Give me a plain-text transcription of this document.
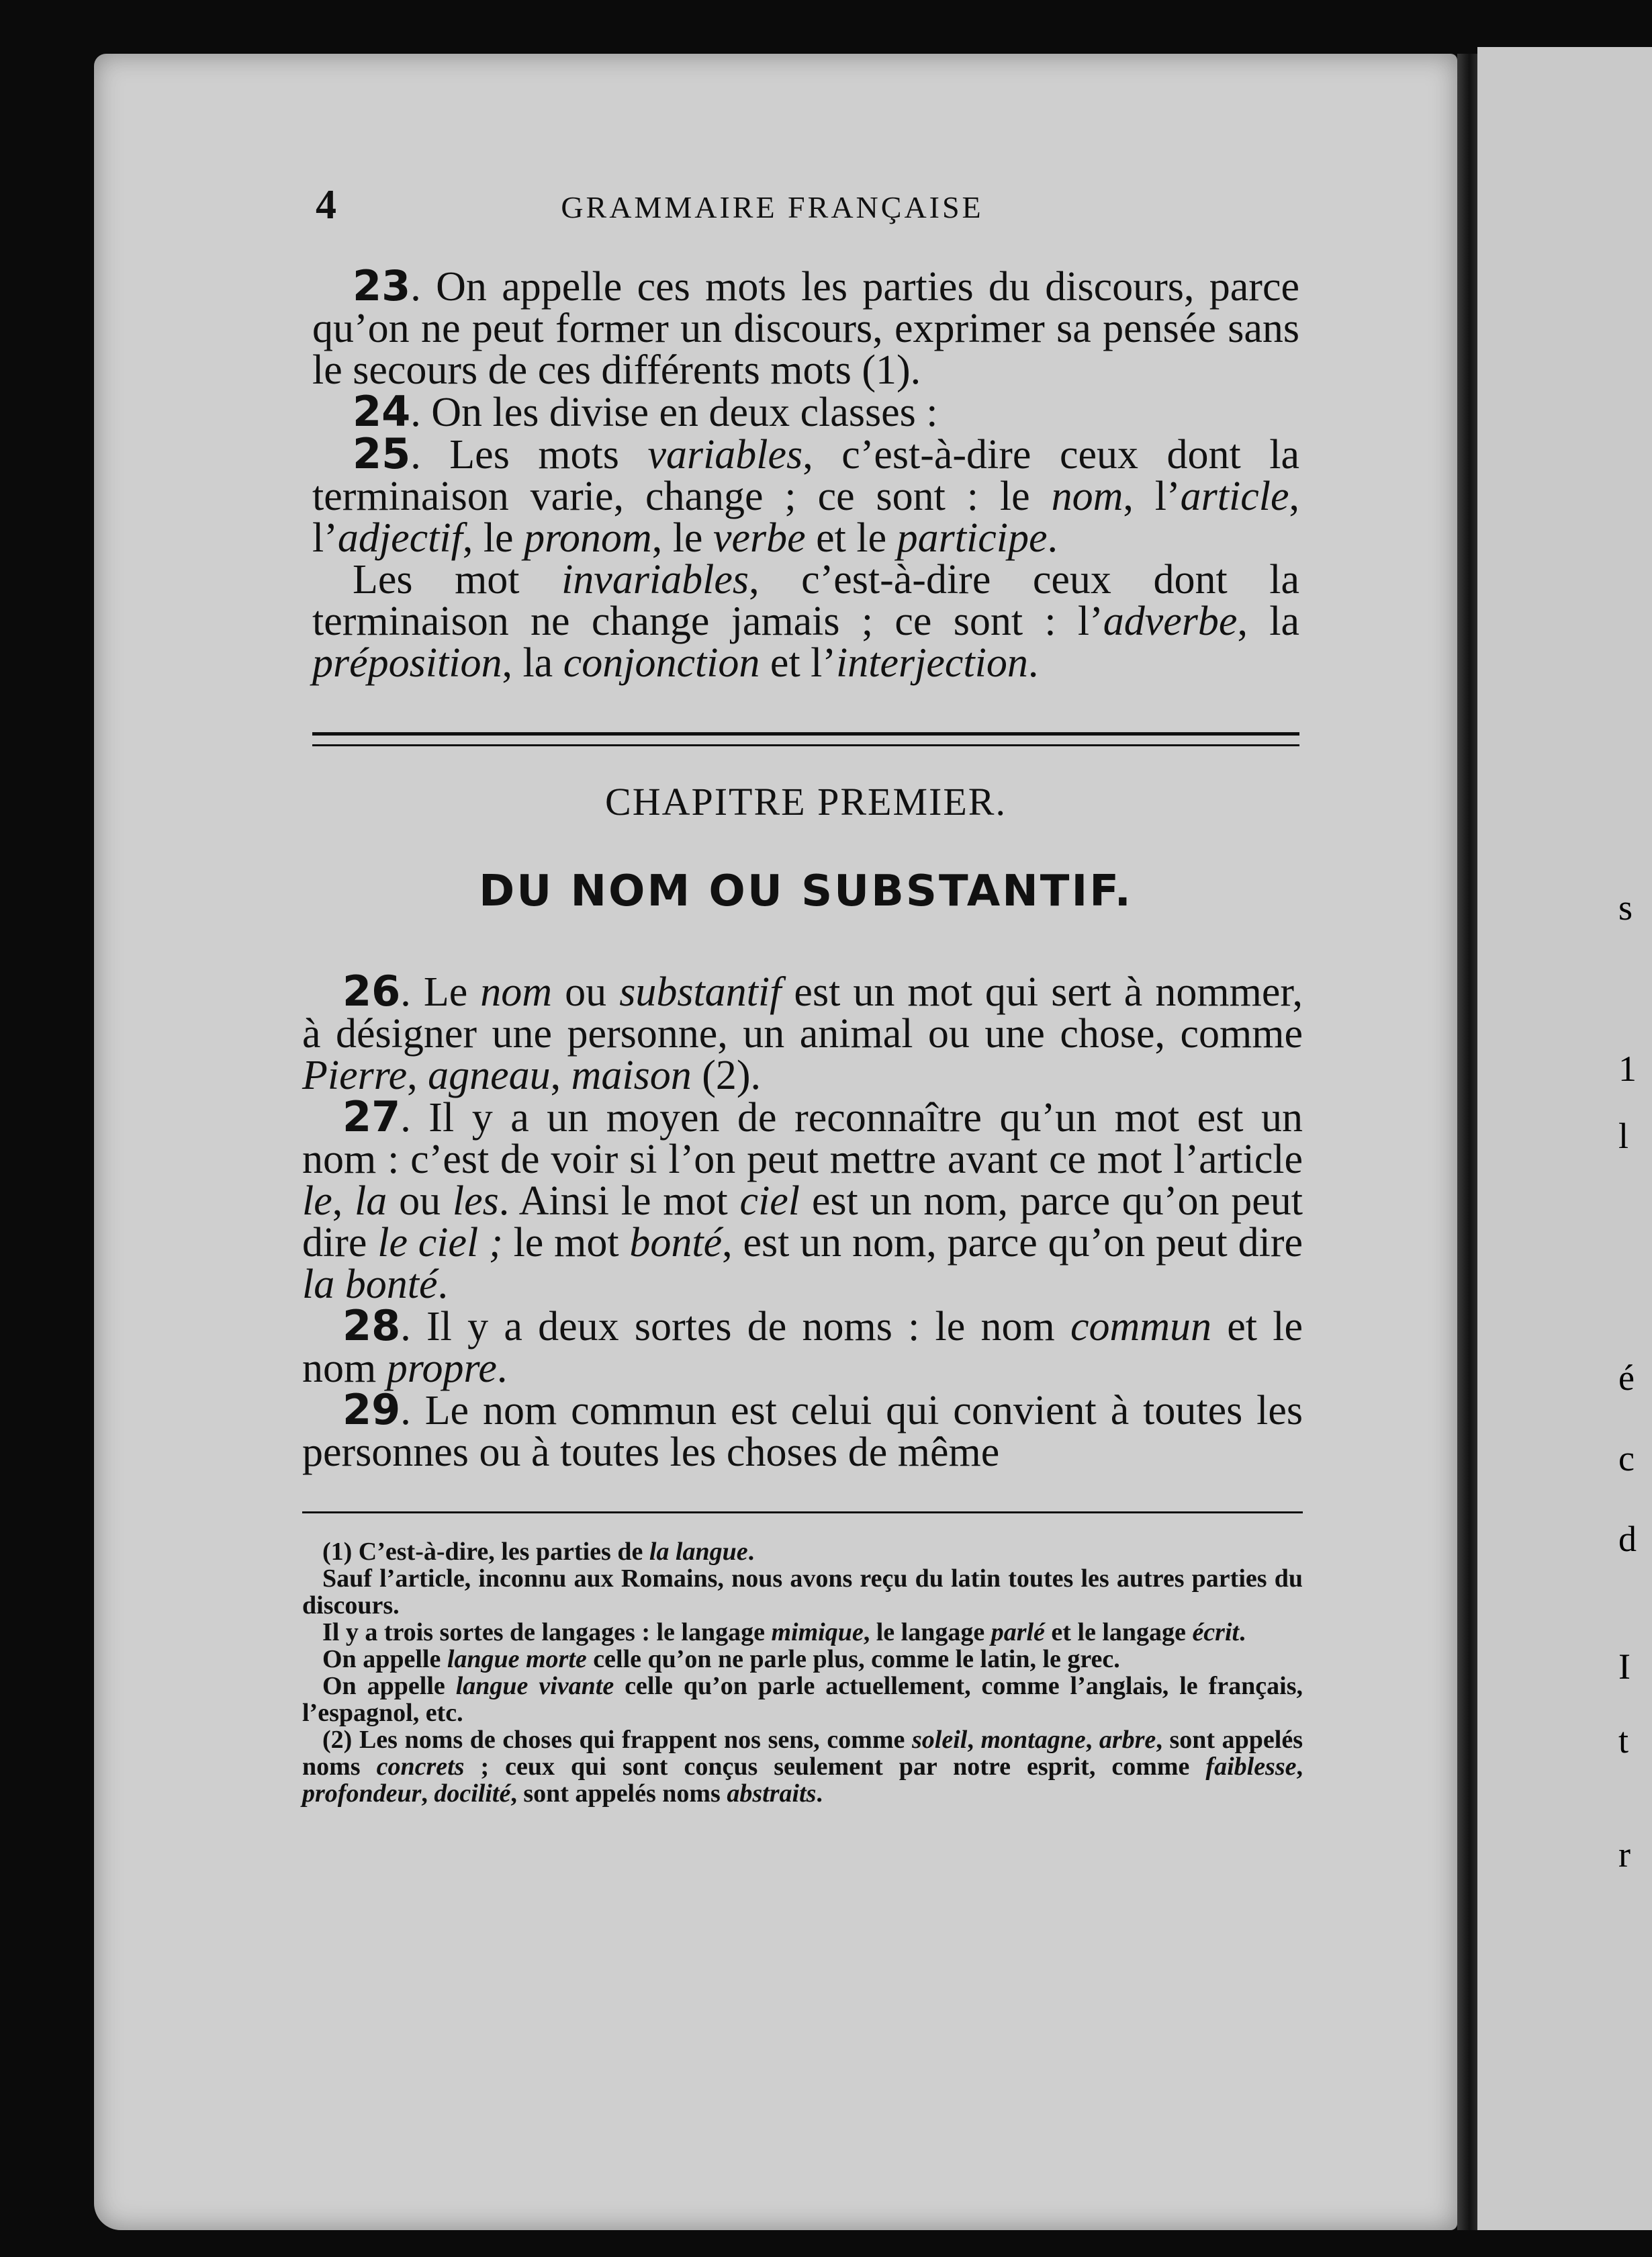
s
1
l
é
c
d
I
t
r
4	GRAMMAIRE FRANÇAISE

23. On appelle ces mots les parties du discours, parce qu’on ne peut former un discours, exprimer sa pensée sans le secours de ces différents mots (1).

24. On les divise en deux classes :

25. Les mots variables, c’est-à-dire ceux dont la terminaison varie, change ; ce sont : le nom, l’article, l’adjectif, le pronom, le verbe et le participe.

Les mot invariables, c’est-à-dire ceux dont la terminaison ne change jamais ; ce sont : l’adverbe, la préposition, la conjonction et l’interjection.

CHAPITRE PREMIER.
DU NOM OU SUBSTANTIF.

26. Le nom ou substantif est un mot qui sert à nommer, à désigner une personne, un animal ou une chose, comme Pierre, agneau, maison (2).

27. Il y a un moyen de reconnaître qu’un mot est un nom : c’est de voir si l’on peut mettre avant ce mot l’article le, la ou les. Ainsi le mot ciel est un nom, parce qu’on peut dire le ciel ; le mot bonté, est un nom, parce qu’on peut dire la bonté.

28. Il y a deux sortes de noms : le nom commun et le nom propre.

29. Le nom commun est celui qui convient à toutes les personnes ou à toutes les choses de même

(1) C’est-à-dire, les parties de la langue.

Sauf l’article, inconnu aux Romains, nous avons reçu du latin toutes les autres parties du discours.

Il y a trois sortes de langages : le langage mimique, le langage parlé et le langage écrit.

On appelle langue morte celle qu’on ne parle plus, comme le latin, le grec.

On appelle langue vivante celle qu’on parle actuellement, comme l’anglais, le français, l’espagnol, etc.

(2) Les noms de choses qui frappent nos sens, comme soleil, montagne, arbre, sont appelés noms concrets ; ceux qui sont conçus seulement par notre esprit, comme faiblesse, profondeur, docilité, sont appelés noms abstraits.
